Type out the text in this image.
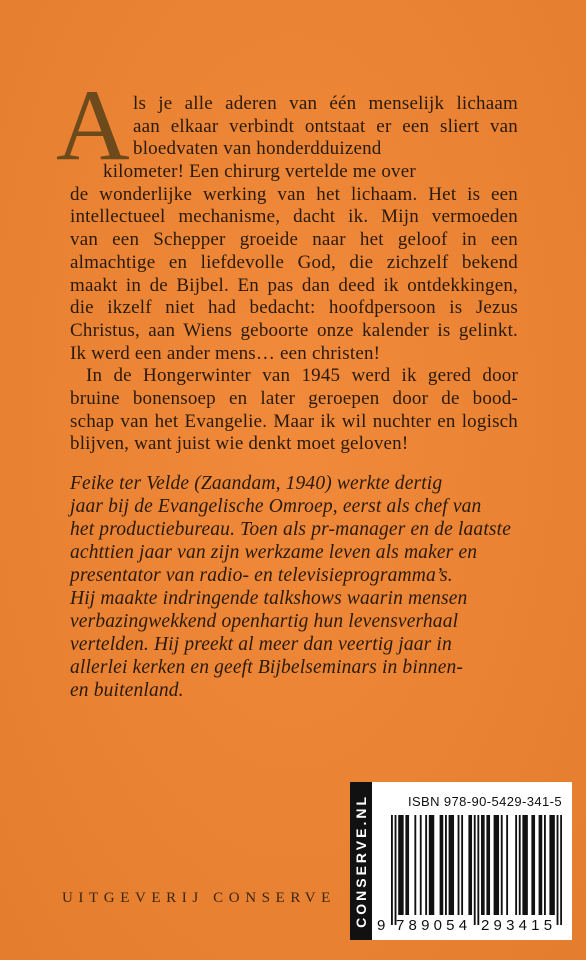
A ls je alle aderen van één menselijk lichaam
aan elkaar verbindt ontstaat er een sliert van
bloedvaten van honderdduizend
kilometer! Een chirurg vertelde me over
de wonderlijke werking van het lichaam. Het is een
intellectueel mechanisme, dacht ik. Mijn vermoeden
van een Schepper groeide naar het geloof in een
almachtige en liefdevolle God, die zichzelf bekend
maakt in de Bijbel. En pas dan deed ik ontdekkingen,
die ikzelf niet had bedacht: hoofdpersoon is Jezus
Christus, aan Wiens geboorte onze kalender is gelinkt.
Ik werd een ander mens… een christen!
In de Hongerwinter van 1945 werd ik gered door
bruine bonensoep en later geroepen door de bood-
schap van het Evangelie. Maar ik wil nuchter en logisch
blijven, want juist wie denkt moet geloven!
Feike ter Velde (Zaandam, 1940) werkte dertig
jaar bij de Evangelische Omroep, eerst als chef van
het productiebureau. Toen als pr-manager en de laatste
achttien jaar van zijn werkzame leven als maker en
presentator van radio- en televisieprogramma’s.
Hij maakte indringende talkshows waarin mensen
verbazingwekkend openhartig hun levensverhaal
vertelden. Hij preekt al meer dan veertig jaar in
allerlei kerken en geeft Bijbelseminars in binnen-
en buitenland.
UITGEVERIJ CONSERVE CONSERVE.NL	ISBN 978-90-5429-341-5
9 789054 293415
